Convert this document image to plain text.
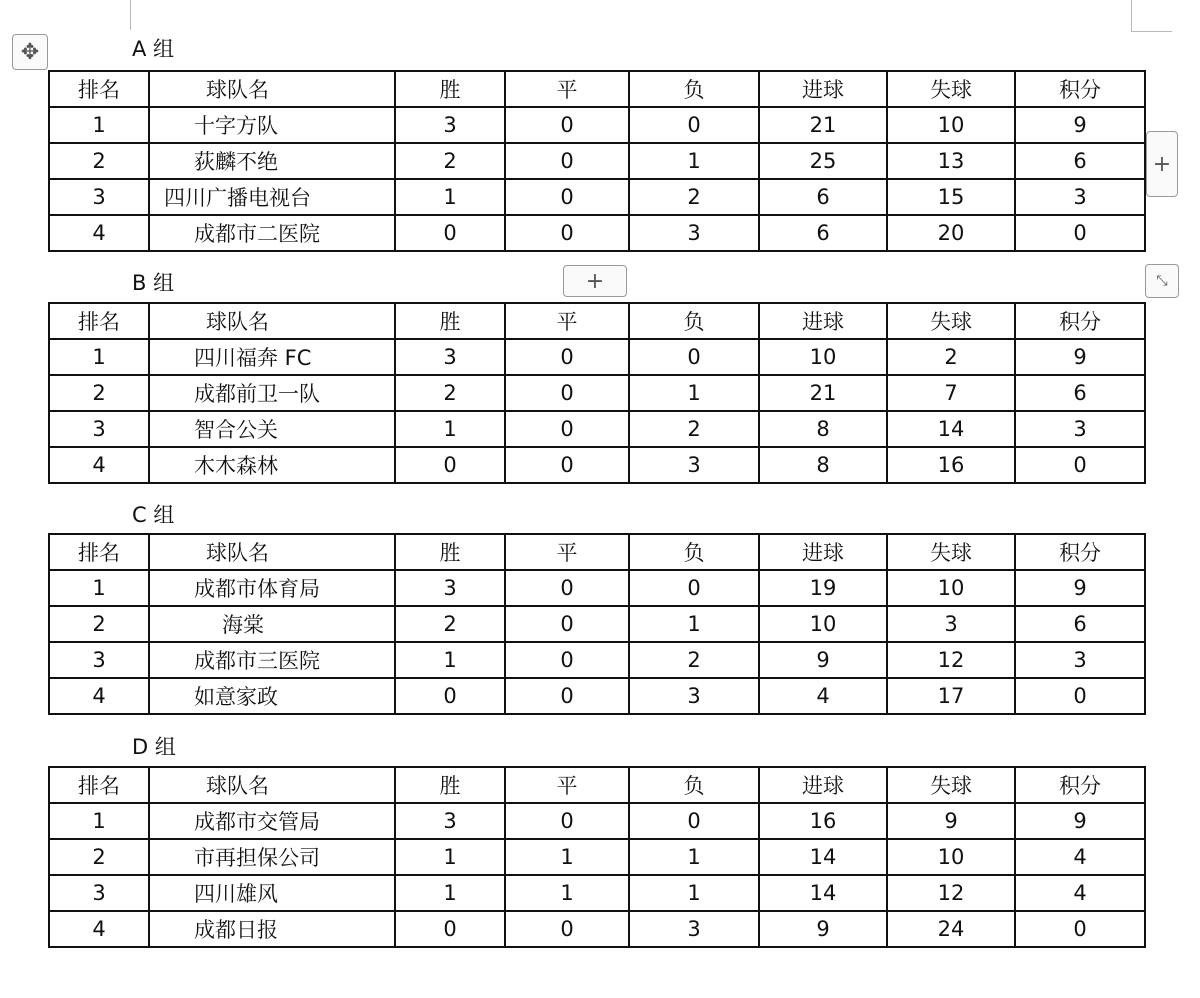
✥
+
+	⤡
A 组
排名	球队名	胜	平	负	进球	失球	积分
1	十字方队	3	0	0	21	10	9
2	荻麟不绝	2	0	1	25	13	6
3	四川广播电视台	1	0	2	6	15	3
4	成都市二医院	0	0	3	6	20	0
B 组
排名	球队名	胜	平	负	进球	失球	积分
1	四川福奔 FC	3	0	0	10	2	9
2	成都前卫一队	2	0	1	21	7	6
3	智合公关	1	0	2	8	14	3
4	木木森林	0	0	3	8	16	0
C 组
排名	球队名	胜	平	负	进球	失球	积分
1	成都市体育局	3	0	0	19	10	9
2	海棠	2	0	1	10	3	6
3	成都市三医院	1	0	2	9	12	3
4	如意家政	0	0	3	4	17	0
D 组
排名	球队名	胜	平	负	进球	失球	积分
1	成都市交管局	3	0	0	16	9	9
2	市再担保公司	1	1	1	14	10	4
3	四川雄风	1	1	1	14	12	4
4	成都日报	0	0	3	9	24	0
